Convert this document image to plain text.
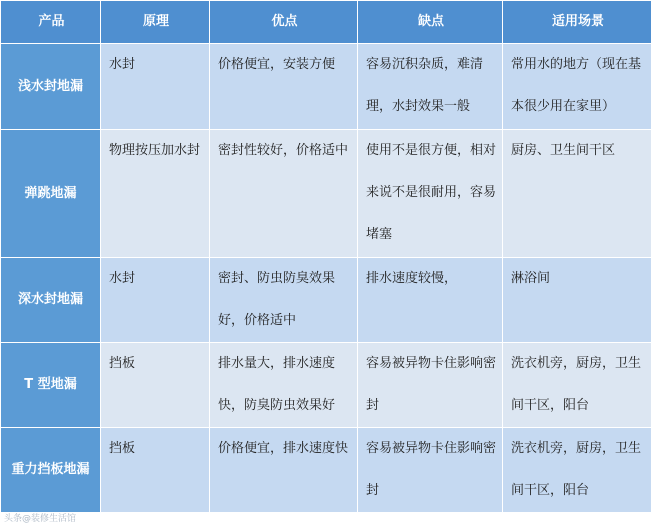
产品	原理	优点	缺点	适用场景
浅水封地漏	水封	价格便宜，安装方便	容易沉积杂质，难清理，水封效果一般	常用水的地方（现在基本很少用在家里）
弹跳地漏	物理按压加水封	密封性较好，价格适中	使用不是很方便，相对来说不是很耐用，容易堵塞	厨房、卫生间干区
深水封地漏	水封	密封、防虫防臭效果好，价格适中	排水速度较慢，	淋浴间
T 型地漏	挡板	排水量大，排水速度快，防臭防虫效果好	容易被异物卡住影响密封	洗衣机旁，厨房，卫生间干区，阳台
重力挡板地漏	挡板	价格便宜，排水速度快	容易被异物卡住影响密封	洗衣机旁，厨房，卫生间干区，阳台
头条@装修生活馆
